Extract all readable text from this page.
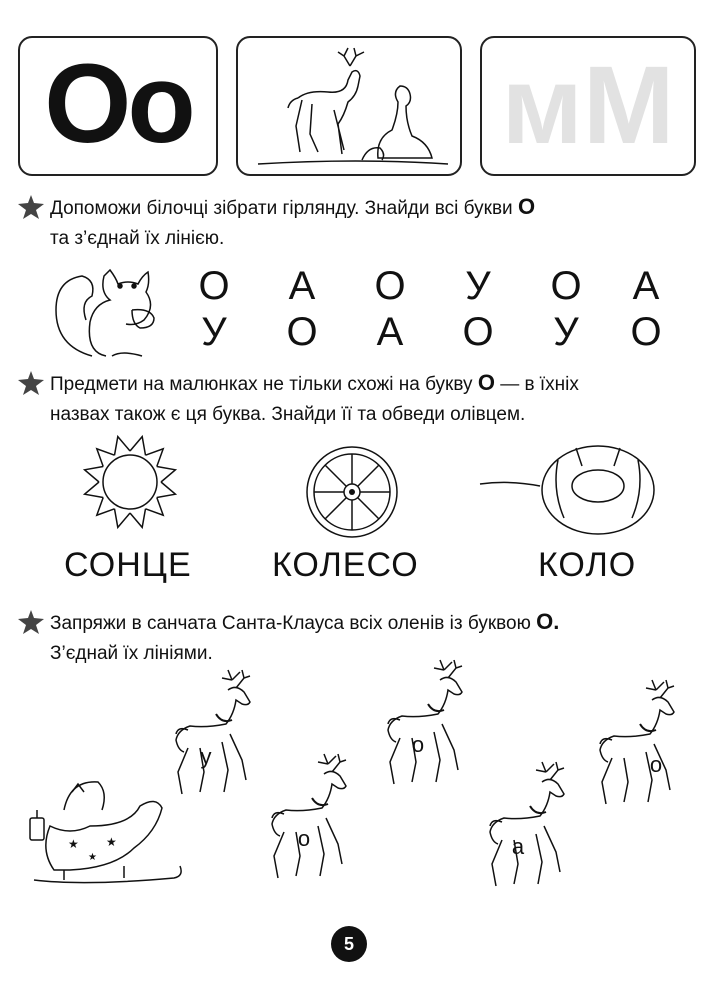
Оо	мМ
Допоможи білочці зібрати гірлянду. Знайди всі букви О
та з’єднай їх лінією.
О А О У О А
У О А О У О
Предмети на малюнках не тільки схожі на букву О — в їхніх
назвах також є ця буква. Знайди її та обведи олівцем.
СОНЦЕ КОЛЕСО	КОЛО
Запряжи в санчата Санта-Клауса всіх оленів із буквою О.
З’єднай їх лініями.
★
★
★
у
о
о
о
а
5
